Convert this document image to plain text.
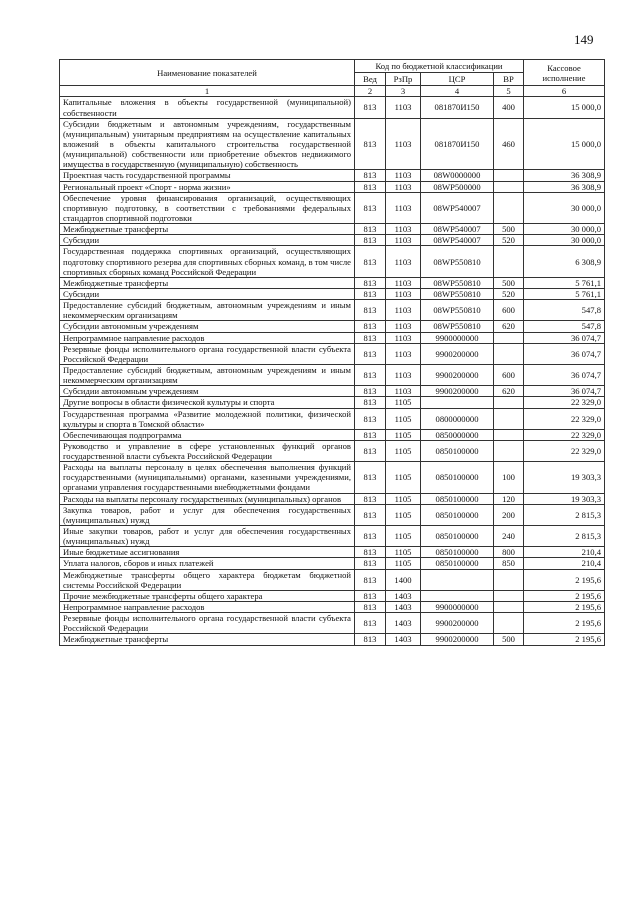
149
Наименование показателей	Код по бюджетной классификации				Кассовое исполнение
	Вед	РзПр	ЦСР	ВР	
1	2	3	4	5	6
Капитальные вложения в объекты государственной (муниципальной) собственности	813	1103	081870И150	400	15 000,0
Субсидии бюджетным и автономным учреждениям, государственным (муниципальным) унитарным предприятиям на осуществление капитальных вложений в объекты капитального строительства государственной (муниципальной) собственности или приобретение объектов недвижимого имущества в государственную (муниципальную) собственность	813	1103	081870И150	460	15 000,0
Проектная часть государственной программы	813	1103	08W0000000		36 308,9
Региональный проект «Спорт - норма жизни»	813	1103	08WP500000		36 308,9
Обеспечение уровня финансирования организаций, осуществляющих спортивную подготовку, в соответствии с требованиями федеральных стандартов спортивной подготовки	813	1103	08WP540007		30 000,0
Межбюджетные трансферты	813	1103	08WP540007	500	30 000,0
Субсидии	813	1103	08WP540007	520	30 000,0
Государственная поддержка спортивных организаций, осуществляющих подготовку спортивного резерва для спортивных сборных команд, в том числе спортивных сборных команд Российской Федерации	813	1103	08WP550810		6 308,9
Межбюджетные трансферты	813	1103	08WP550810	500	5 761,1
Субсидии	813	1103	08WP550810	520	5 761,1
Предоставление субсидий бюджетным, автономным учреждениям и иным некоммерческим организациям	813	1103	08WP550810	600	547,8
Субсидии автономным учреждениям	813	1103	08WP550810	620	547,8
Непрограммное направление расходов	813	1103	9900000000		36 074,7
Резервные фонды исполнительного органа государственной власти субъекта Российской Федерации	813	1103	9900200000		36 074,7
Предоставление субсидий бюджетным, автономным учреждениям и иным некоммерческим организациям	813	1103	9900200000	600	36 074,7
Субсидии автономным учреждениям	813	1103	9900200000	620	36 074,7
Другие вопросы в области физической культуры и спорта	813	1105			22 329,0
Государственная программа «Развитие молодежной политики, физической культуры и спорта в Томской области»	813	1105	0800000000		22 329,0
Обеспечивающая подпрограмма	813	1105	0850000000		22 329,0
Руководство и управление в сфере установленных функций органов государственной власти субъекта Российской Федерации	813	1105	0850100000		22 329,0
Расходы на выплаты персоналу в целях обеспечения выполнения функций государственными (муниципальными) органами, казенными учреждениями, органами управления государственными внебюджетными фондами	813	1105	0850100000	100	19 303,3
Расходы на выплаты персоналу государственных (муниципальных) органов	813	1105	0850100000	120	19 303,3
Закупка товаров, работ и услуг для обеспечения государственных (муниципальных) нужд	813	1105	0850100000	200	2 815,3
Иные закупки товаров, работ и услуг для обеспечения государственных (муниципальных) нужд	813	1105	0850100000	240	2 815,3
Иные бюджетные ассигнования	813	1105	0850100000	800	210,4
Уплата налогов, сборов и иных платежей	813	1105	0850100000	850	210,4
Межбюджетные трансферты общего характера бюджетам бюджетной системы Российской Федерации	813	1400			2 195,6
Прочие межбюджетные трансферты общего характера	813	1403			2 195,6
Непрограммное направление расходов	813	1403	9900000000		2 195,6
Резервные фонды исполнительного органа государственной власти субъекта Российской Федерации	813	1403	9900200000		2 195,6
Межбюджетные трансферты	813	1403	9900200000	500	2 195,6
